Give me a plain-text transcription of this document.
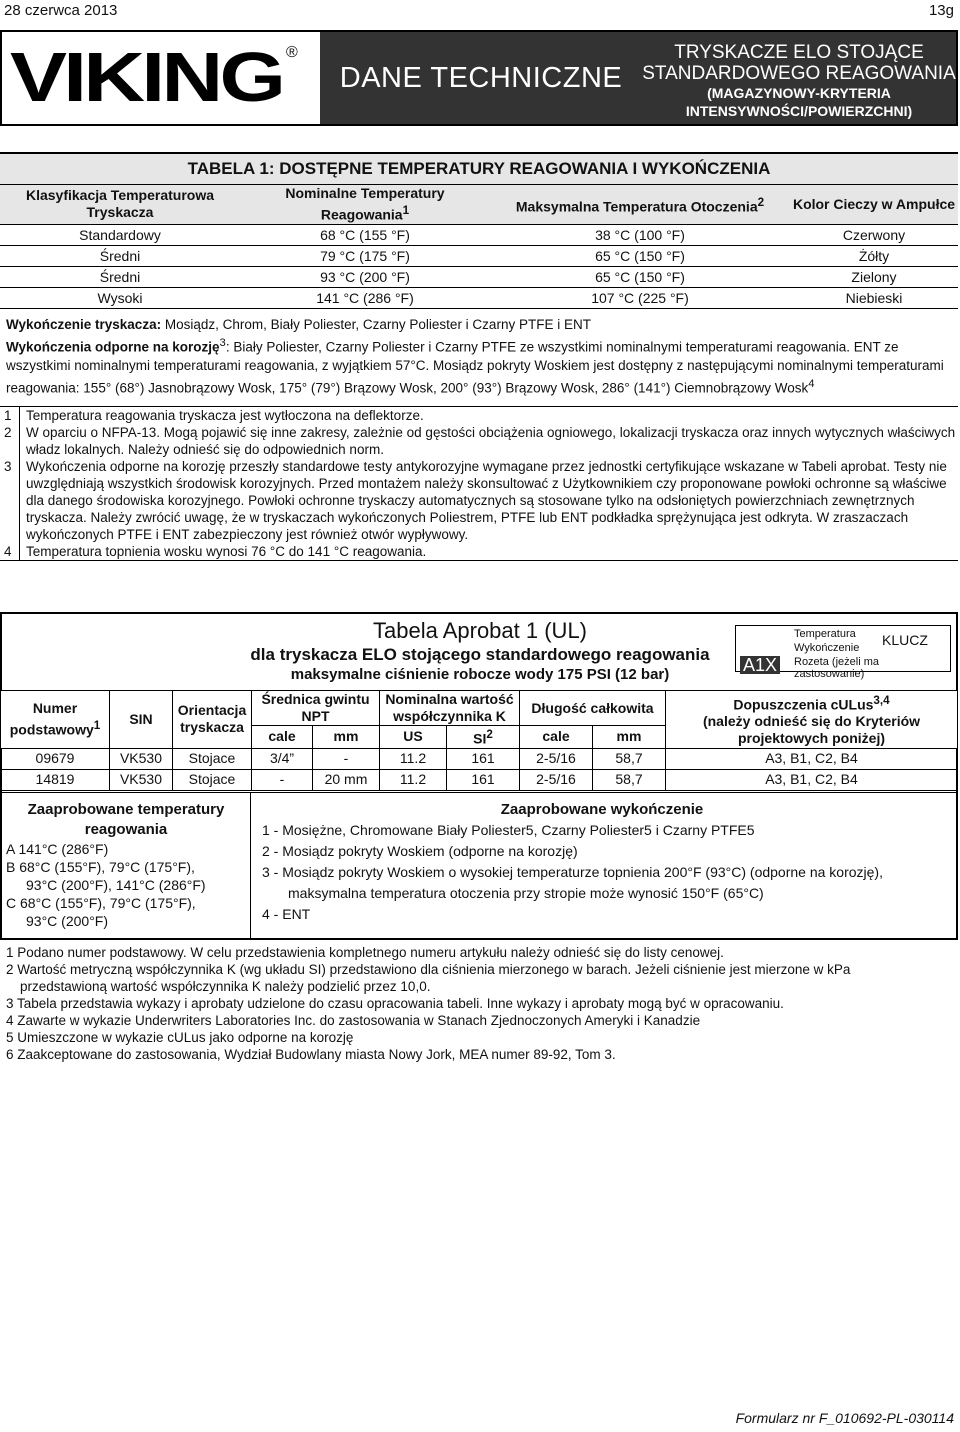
28 czerwca 2013	13g
VIKING ®
DANE TECHNICZNE
TRYSKACZE ELO STOJĄCE
STANDARDOWEGO REAGOWANIA
(MAGAZYNOWY-KRYTERIA
INTENSYWNOŚCI/POWIERZCHNI)
TABELA 1: DOSTĘPNE TEMPERATURY REAGOWANIA I WYKOŃCZENIA			
Klasyfikacja Temperaturowa Tryskacza	Nominalne Temperatury Reagowania$^1$	Maksymalna Temperatura Otoczenia$^2$	Kolor Cieczy w Ampułce
Standardowy	68 °C (155 °F)	38 °C (100 °F)	Czerwony
Średni	79 °C (175 °F)	65 °C (150 °F)	Żółty
Średni	93 °C (200 °F)	65 °C (150 °F)	Zielony
Wysoki	141 °C (286 °F)	107 °C (225 °F)	Niebieski

Wykończenie tryskacza: Mosiądz, Chrom, Biały Poliester, Czarny Poliester i Czarny PTFE i ENT

Wykończenia odporne na korozję$^3$: Biały Poliester, Czarny Poliester i Czarny PTFE ze wszystkimi nominalnymi temperaturami reagowania. ENT ze wszystkimi nominalnymi temperaturami reagowania, z wyjątkiem 57°C. Mosiądz pokryty Woskiem jest dostępny z następującymi nominalnymi temperaturami reagowania: 155° (68°) Jasnobrązowy Wosk, 175° (79°) Brązowy Wosk, 200° (93°) Brązowy Wosk, 286° (141°) Ciemnobrązowy Wosk$^4$

1	Temperatura reagowania tryskacza jest wytłoczona na deflektorze.
2	W oparciu o NFPA-13. Mogą pojawić się inne zakresy, zależnie od gęstości obciążenia ogniowego, lokalizacji tryskacza oraz innych wytycznych właściwych władz lokalnych. Należy odnieść się do odpowiednich norm.
3	Wykończenia odporne na korozję przeszły standardowe testy antykorozyjne wymagane przez jednostki certyfikujące wskazane w Tabeli aprobat. Testy nie uwzględniają wszystkich środowisk korozyjnych. Przed montażem należy skonsultować z Użytkownikiem czy proponowane powłoki ochronne są właściwe dla danego środowiska korozyjnego. Powłoki ochronne tryskaczy automatycznych są stosowane tylko na odsłoniętych powierzchniach zewnętrznych tryskacza. Należy zwrócić uwagę, że w tryskaczach wykończonych Poliestrem, PTFE lub ENT podkładka sprężynująca jest odkryta. W zraszaczach wykończonych PTFE i ENT zabezpieczony jest również otwór wypływowy.
4	Temperatura topnienia wosku wynosi 76 °C do 141 °C reagowania.
Tabela Aprobat 1 (UL)
dla tryskacza ELO stojącego standardowego reagowania
maksymalne ciśnienie robocze wody 175 PSI (12 bar)	A1X
KLUCZ
Temperatura
Wykończenie
Rozeta (jeżeli ma zastosowanie)
Numer podstawowy$^1$	SIN	Orientacja tryskacza	Średnica gwintu NPT		Nominalna wartość współczynnika K		Długość całkowita		Dopuszczenia cULus$^{3,4}$
(należy odnieść się do Kryteriów projektowych poniżej)
			cale	mm	US	$SI^2$	cale	mm	
09679	VK530	Stojace	3/4”	-	11.2	161	2-5/16	58,7	A3, B1, C2, B4
14819	VK530	Stojace	-	20 mm	11.2	161	2-5/16	58,7	A3, B1, C2, B4
Zaaprobowane temperatury reagowania
A 141°C (286°F)
B 68°C (155°F), 79°C (175°F),
93°C (200°F), 141°C (286°F)
C 68°C (155°F), 79°C (175°F),
93°C (200°F)
Zaaprobowane wykończenie
1 - Mosiężne, Chromowane Biały Poliester5, Czarny Poliester5 i Czarny PTFE5
2 - Mosiądz pokryty Woskiem (odporne na korozję)
3 - Mosiądz pokryty Woskiem o wysokiej temperaturze topnienia 200°F (93°C) (odporne na korozję),
maksymalna temperatura otoczenia przy stropie może wynosić 150°F (65°C)
4 - ENT

1 Podano numer podstawowy. W celu przedstawienia kompletnego numeru artykułu należy odnieść się do listy cenowej.

2 Wartość metryczną współczynnika K (wg układu SI) przedstawiono dla ciśnienia mierzonego w barach. Jeżeli ciśnienie jest mierzone w kPa

przedstawioną wartość współczynnika K należy podzielić przez 10,0.

3 Tabela przedstawia wykazy i aprobaty udzielone do czasu opracowania tabeli. Inne wykazy i aprobaty mogą być w opracowaniu.

4 Zawarte w wykazie Underwriters Laboratories Inc. do zastosowania w Stanach Zjednoczonych Ameryki i Kanadzie

5 Umieszczone w wykazie cULus jako odporne na korozję

6 Zaakceptowane do zastosowania, Wydział Budowlany miasta Nowy Jork, MEA numer 89-92, Tom 3.

Formularz nr F_010692-PL-030114
